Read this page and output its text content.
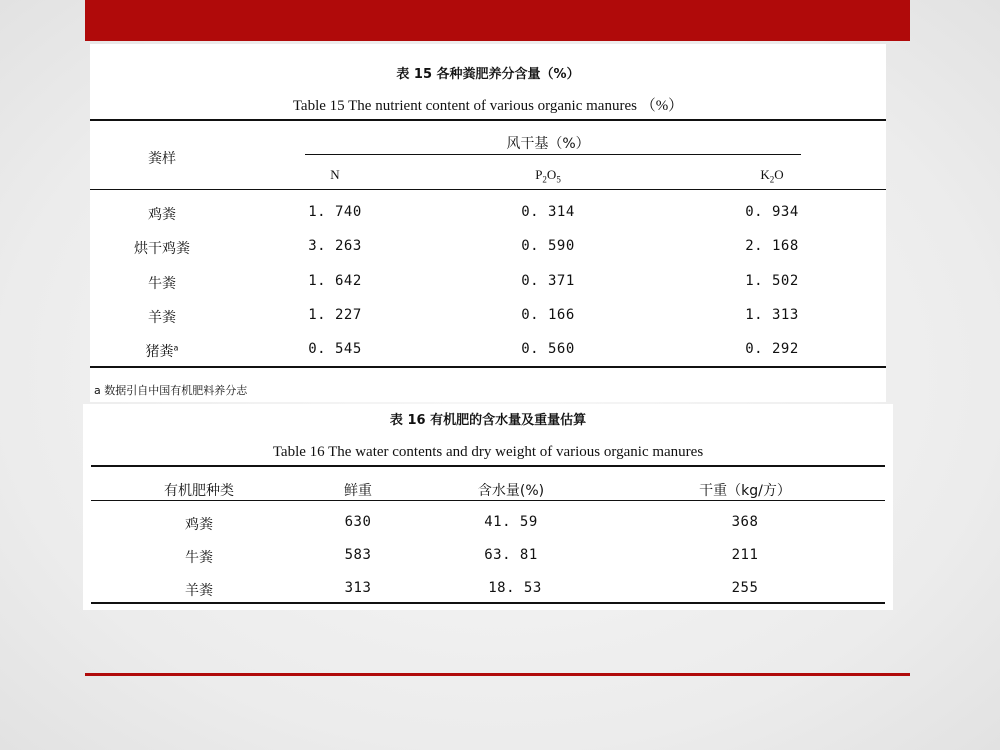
表 15 各种粪肥养分含量（%）
Table 15 The nutrient content of various organic manures （%）
粪样
风干基（%）
N	$P_2O_5$	$K_2O$
鸡粪	1. 740	0. 314	0. 934
烘干鸡粪	3. 263	0. 590	2. 168
牛粪	1. 642	0. 371	1. 502
羊粪	1. 227	0. 166	1. 313
猪粪$^a$	0. 545	0. 560	0. 292
a 数据引自中国有机肥料养分志
表 16 有机肥的含水量及重量估算
Table 16 The water contents and dry weight of various organic manures
有机肥种类	鲜重	含水量(%)	干重（kg/方）
鸡粪	630	41. 59	368
牛粪	583	63. 81	211
羊粪	313	18. 53	255
